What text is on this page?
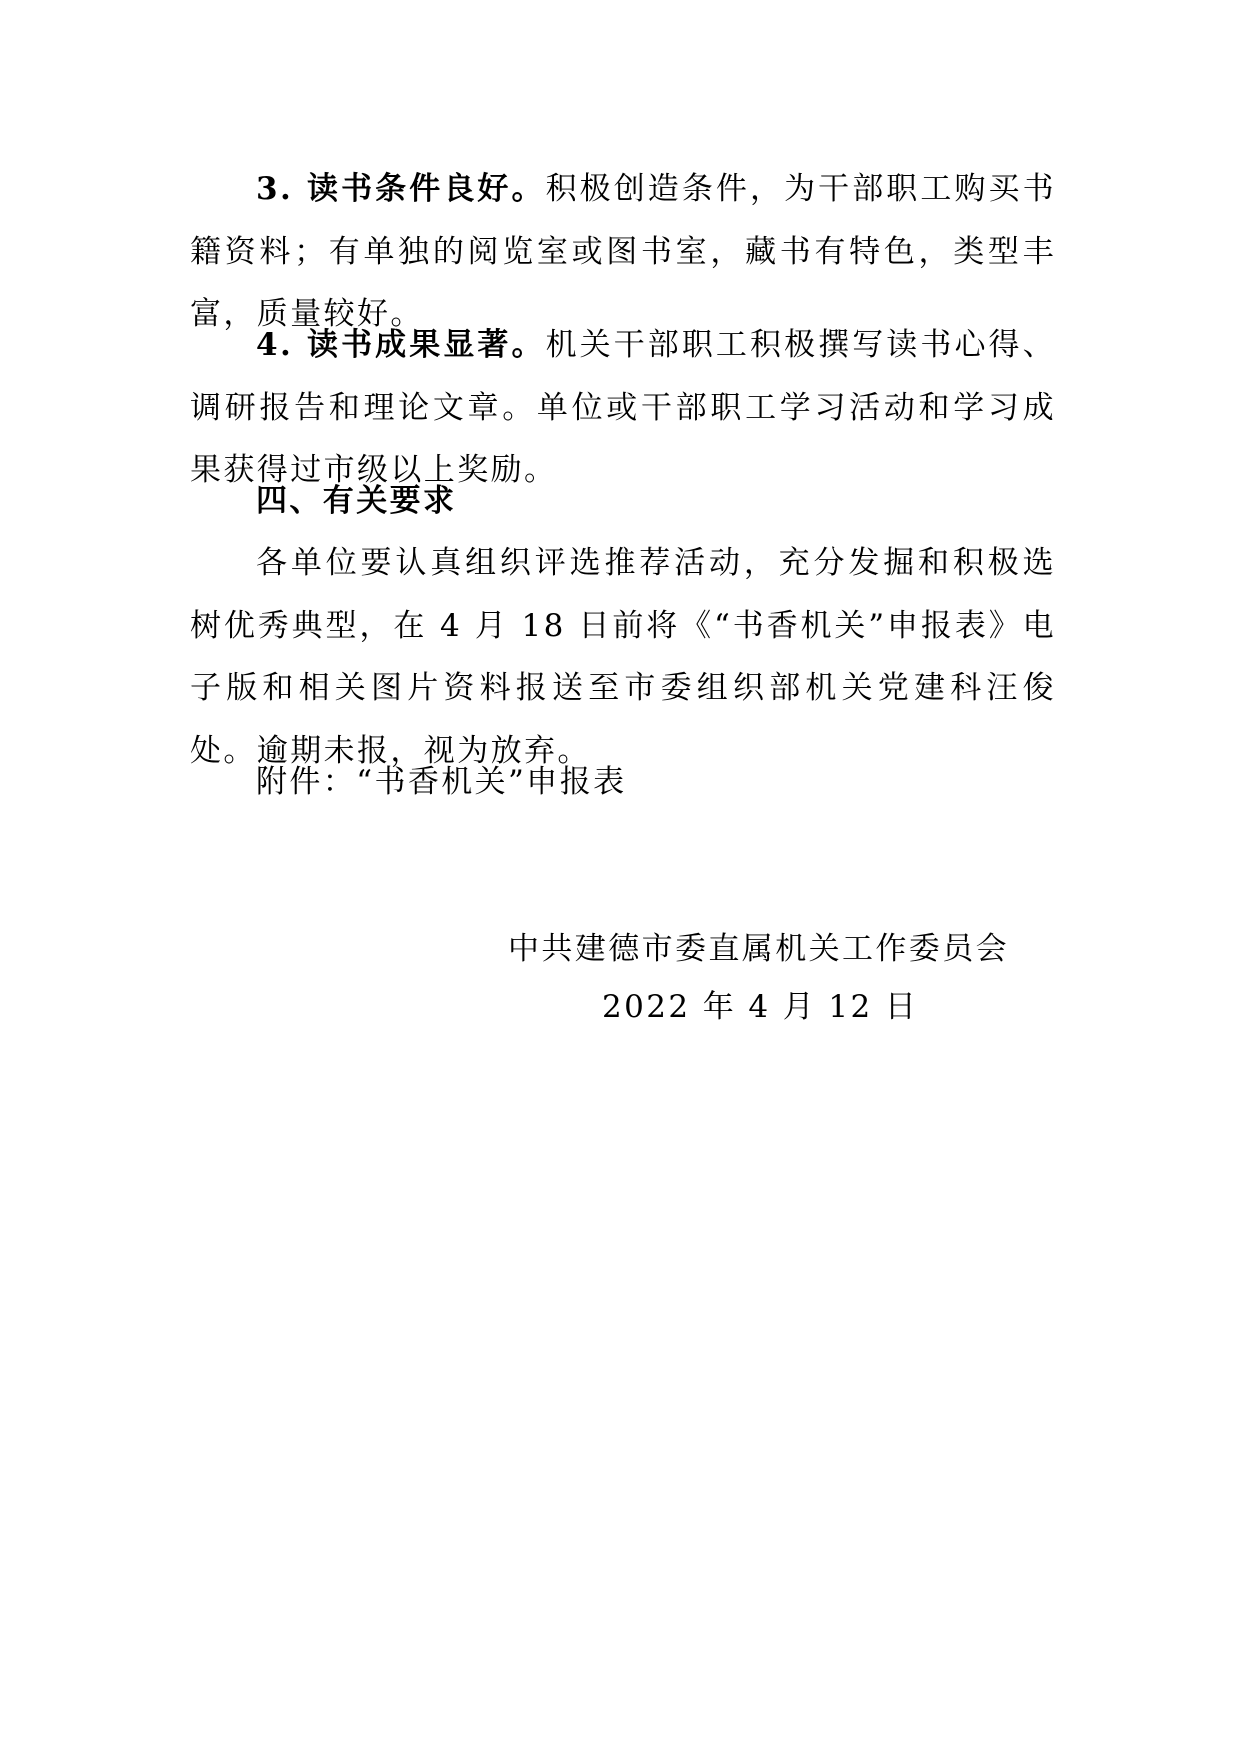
3. 读书条件良好。积极创造条件，为干部职工购买书籍资料；有单独的阅览室或图书室，藏书有特色，类型丰富，质量较好。

4. 读书成果显著。机关干部职工积极撰写读书心得、调研报告和理论文章。单位或干部职工学习活动和学习成果获得过市级以上奖励。

四、有关要求

各单位要认真组织评选推荐活动，充分发掘和积极选树优秀典型，在 4 月 18 日前将《“书香机关”申报表》电子版和相关图片资料报送至市委组织部机关党建科汪俊处。逾期未报，视为放弃。

附件：“书香机关”申报表

中共建德市委直属机关工作委员会

2022 年 4 月 12 日
